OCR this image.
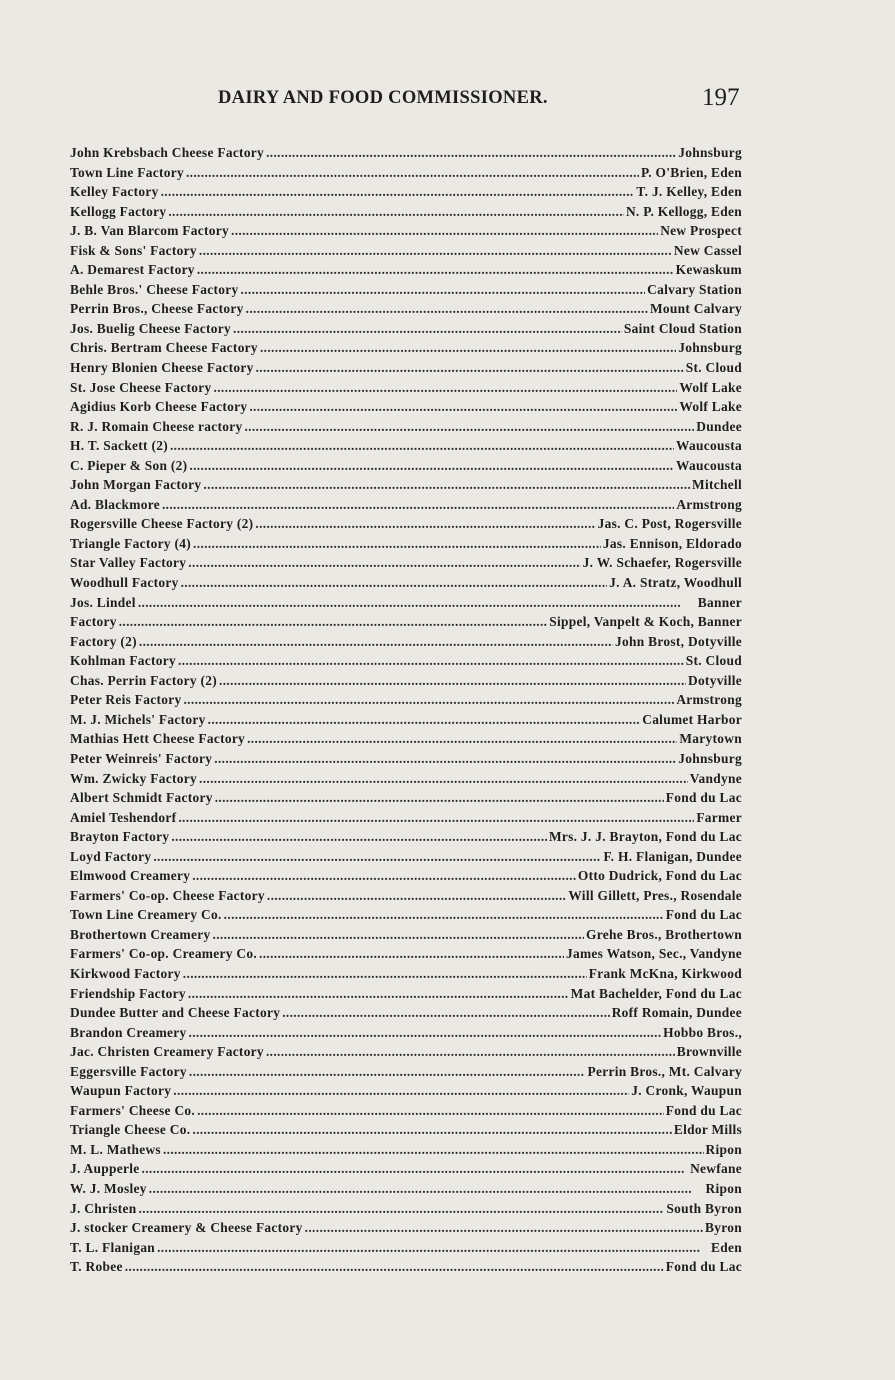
DAIRY AND FOOD COMMISSIONER.	197
John Krebsbach Cheese Factory . . .	Johnsburg
Town Line Factory . . .	P. O'Brien, Eden
Kelley Factory . . .	T. J. Kelley, Eden
Kellogg Factory . . .	N. P. Kellogg, Eden
J. B. Van Blarcom Factory . . .	New Prospect
Fisk & Sons' Factory . . .	New Cassel
A. Demarest Factory . . .	Kewaskum
Behle Bros.' Cheese Factory . . .	Calvary Station
Perrin Bros., Cheese Factory . . .	Mount Calvary
Jos. Buelig Cheese Factory . . .	Saint Cloud Station
Chris. Bertram Cheese Factory . . .	Johnsburg
Henry Blonien Cheese Factory . . .	St. Cloud
St. Jose Cheese Factory . . .	Wolf Lake
Agidius Korb Cheese Factory . . .	Wolf Lake
R. J. Romain Cheese ractory . . .	Dundee
H. T. Sackett (2) . . .	Waucousta
C. Pieper & Son (2) . . .	Waucousta
John Morgan Factory . . .	Mitchell
Ad. Blackmore . . .	Armstrong
Rogersville Cheese Factory (2) . . .	Jas. C. Post, Rogersville
Triangle Factory (4) . . .	Jas. Ennison, Eldorado
Star Valley Factory . . .	J. W. Schaefer, Rogersville
Woodhull Factory . . .	J. A. Stratz, Woodhull
Jos. Lindel . . .	Banner
Factory . . .	Sippel, Vanpelt & Koch, Banner
Factory (2) . . .	John Brost, Dotyville
Kohlman Factory . . .	St. Cloud
Chas. Perrin Factory (2) . . .	Dotyville
Peter Reis Factory . . .	Armstrong
M. J. Michels' Factory . . .	Calumet Harbor
Mathias Hett Cheese Factory . . .	Marytown
Peter Weinreis' Factory . . .	Johnsburg
Wm. Zwicky Factory . . .	Vandyne
Albert Schmidt Factory . . .	Fond du Lac
Amiel Teshendorf . . .	Farmer
Brayton Factory . . .	Mrs. J. J. Brayton, Fond du Lac
Loyd Factory . . .	F. H. Flanigan, Dundee
Elmwood Creamery . . .	Otto Dudrick, Fond du Lac
Farmers' Co-op. Cheese Factory . . .	Will Gillett, Pres., Rosendale
Town Line Creamery Co. . . .	Fond du Lac
Brothertown Creamery . . .	Grehe Bros., Brothertown
Farmers' Co-op. Creamery Co. . . .	James Watson, Sec., Vandyne
Kirkwood Factory . . .	Frank McKna, Kirkwood
Friendship Factory . . .	Mat Bachelder, Fond du Lac
Dundee Butter and Cheese Factory . . .	Roff Romain, Dundee
Brandon Creamery . . .	Hobbo Bros.,
Jac. Christen Creamery Factory . . .	Brownville
Eggersville Factory . . .	Perrin Bros., Mt. Calvary
Waupun Factory . . .	J. Cronk, Waupun
Farmers' Cheese Co. . . .	Fond du Lac
Triangle Cheese Co. . . .	Eldor Mills
M. L. Mathews . . .	Ripon
J. Aupperle . . .	Newfane
W. J. Mosley . . .	Ripon
J. Christen . . .	South Byron
J. stocker Creamery & Cheese Factory . . .	Byron
T. L. Flanigan . . .	Eden
T. Robee . . .	Fond du Lac
